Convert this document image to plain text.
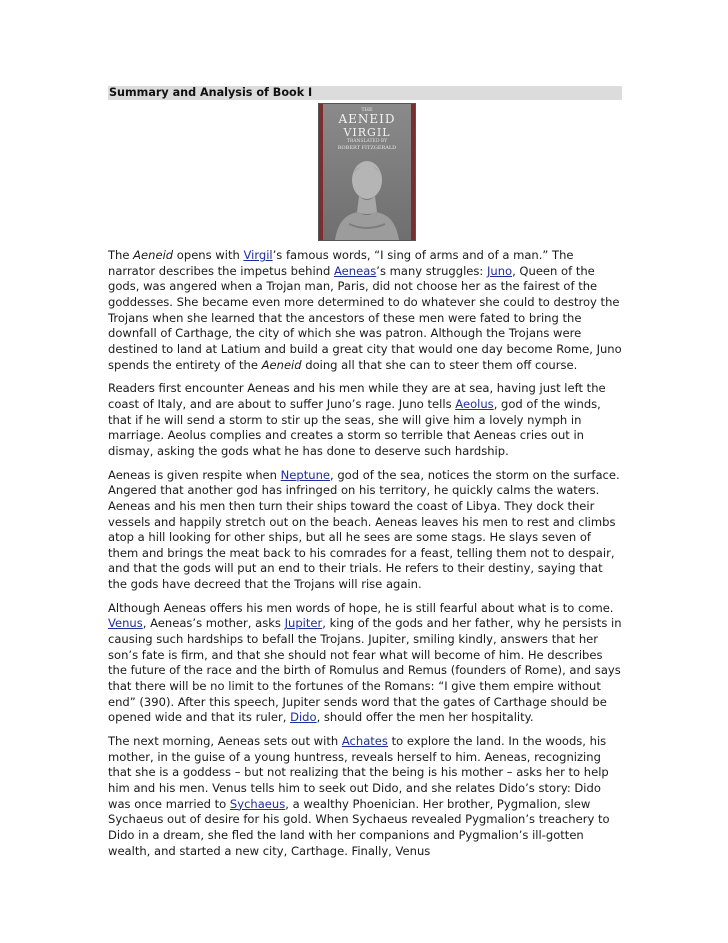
Summary and Analysis of Book I
THE
AENEID
VIRGIL
TRANSLATED BY
ROBERT FITZGERALD

The Aeneid opens with Virgil’s famous words, “I sing of arms and of a man.” The narrator describes the impetus behind Aeneas’s many struggles: Juno, Queen of the gods, was angered when a Trojan man, Paris, did not choose her as the fairest of the goddesses. She became even more determined to do whatever she could to destroy the Trojans when she learned that the ancestors of these men were fated to bring the downfall of Carthage, the city of which she was patron. Although the Trojans were destined to land at Latium and build a great city that would one day become Rome, Juno spends the entirety of the Aeneid doing all that she can to steer them off course.

Readers first encounter Aeneas and his men while they are at sea, having just left the coast of Italy, and are about to suffer Juno’s rage. Juno tells Aeolus, god of the winds, that if he will send a storm to stir up the seas, she will give him a lovely nymph in marriage. Aeolus complies and creates a storm so terrible that Aeneas cries out in dismay, asking the gods what he has done to deserve such hardship.

Aeneas is given respite when Neptune, god of the sea, notices the storm on the surface. Angered that another god has infringed on his territory, he quickly calms the waters. Aeneas and his men then turn their ships toward the coast of Libya. They dock their vessels and happily stretch out on the beach. Aeneas leaves his men to rest and climbs atop a hill looking for other ships, but all he sees are some stags. He slays seven of them and brings the meat back to his comrades for a feast, telling them not to despair, and that the gods will put an end to their trials. He refers to their destiny, saying that the gods have decreed that the Trojans will rise again.

Although Aeneas offers his men words of hope, he is still fearful about what is to come. Venus, Aeneas’s mother, asks Jupiter, king of the gods and her father, why he persists in causing such hardships to befall the Trojans. Jupiter, smiling kindly, answers that her son’s fate is firm, and that she should not fear what will become of him. He describes the future of the race and the birth of Romulus and Remus (founders of Rome), and says that there will be no limit to the fortunes of the Romans: “I give them empire without end” (390). After this speech, Jupiter sends word that the gates of Carthage should be opened wide and that its ruler, Dido, should offer the men her hospitality.

The next morning, Aeneas sets out with Achates to explore the land. In the woods, his mother, in the guise of a young huntress, reveals herself to him. Aeneas, recognizing that she is a goddess – but not realizing that the being is his mother – asks her to help him and his men. Venus tells him to seek out Dido, and she relates Dido’s story: Dido was once married to Sychaeus, a wealthy Phoenician. Her brother, Pygmalion, slew Sychaeus out of desire for his gold. When Sychaeus revealed Pygmalion’s treachery to Dido in a dream, she fled the land with her companions and Pygmalion’s ill-gotten wealth, and started a new city, Carthage. Finally, Venus
